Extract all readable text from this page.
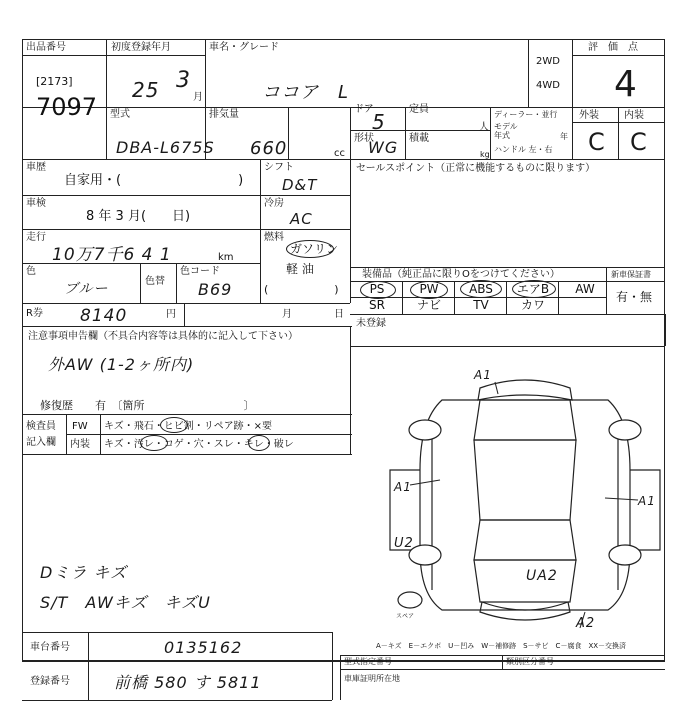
出品番号
[2173]
7097
初度登録年月
25 3
月
車名・グレード
ココア　L
2WD
4WD
評　価　点
4
型式
DBA-L675S
排気量
660	cc
ドア
5
形状
WG
定員
人
積載
kg
ディーラー・並行
モデル
年式	年
ハンドル 左・右
外装	内装
C C
車歴
自家用・(　　　　　　　　　)
車検
8 年 3 月(　　日)
走行
10万7千6 4 1	km
色
ブルー	色替
色コード
B69
R券 8140	円	月	日
シフト
D&T
冷房
AC
燃料
ガソリン
軽 油
(　　　　　　)
セールスポイント（正常に機能するものに限ります）
装備品（純正品に限りOをつけてください）	新車保証書
有・無
未登録
注意事項申告欄（不具合内容等は具体的に記入して下さい）
外AW (1-2ヶ所内)
修復歴　　有　〔箇所　　　　　　　　　〕
検査員
記入欄
FW キズ・飛石・ヒビ割・リペア跡・×要
内装 キズ・汚レ・コゲ・穴・スレ・キレ・破レ
Dミラ キズ
S/T　AWキズ　キズU
A1
A1
A1
U2
UA2
A2
スペア
A－キズ　E－エクボ　U－凹み　W－補修跡　S－サビ　C－腐食　XX－交換済
車台番号	0135162
登録番号	前橋 580 す 5811
型式指定番号	類別区分番号
車庫証明所在地
PS	PW	ABS	エアB	AW
SR	ナビ	TV	カワ
